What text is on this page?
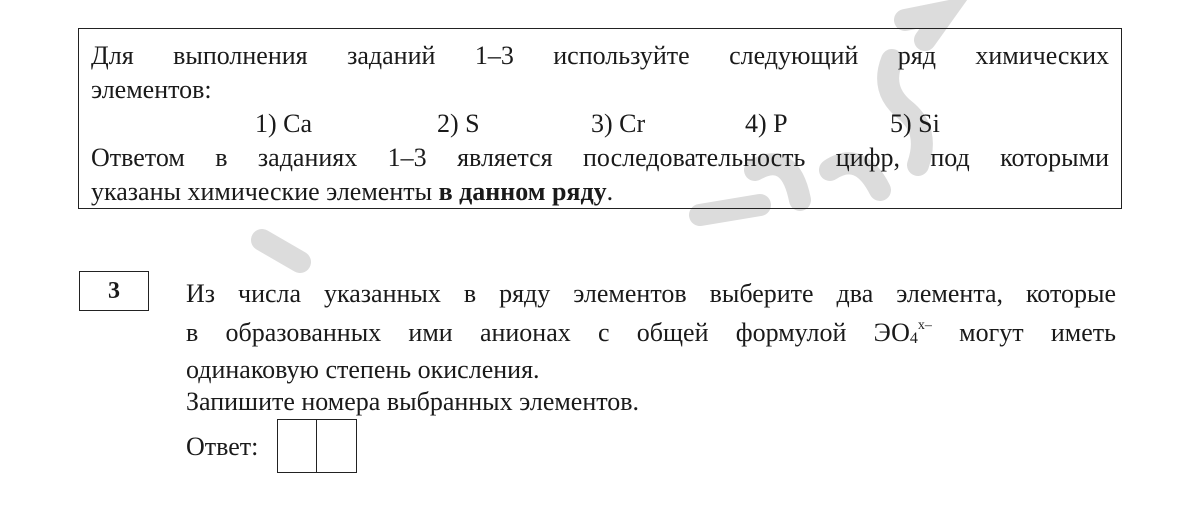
Для выполнения заданий 1–3 используйте следующий ряд химических
элементов:
1) Ca	2) S	3) Cr	4) P	5) Si
Ответом в заданиях 1–3 является последовательность цифр, под которыми
указаны химические элементы в данном ряду.
3	Из числа указанных в ряду элементов выберите два элемента, которые
в образованных ими анионах с общей формулой $ЭО4^{x-}$ могут иметь
одинаковую степень окисления.
Запишите номера выбранных элементов.
Ответ:
